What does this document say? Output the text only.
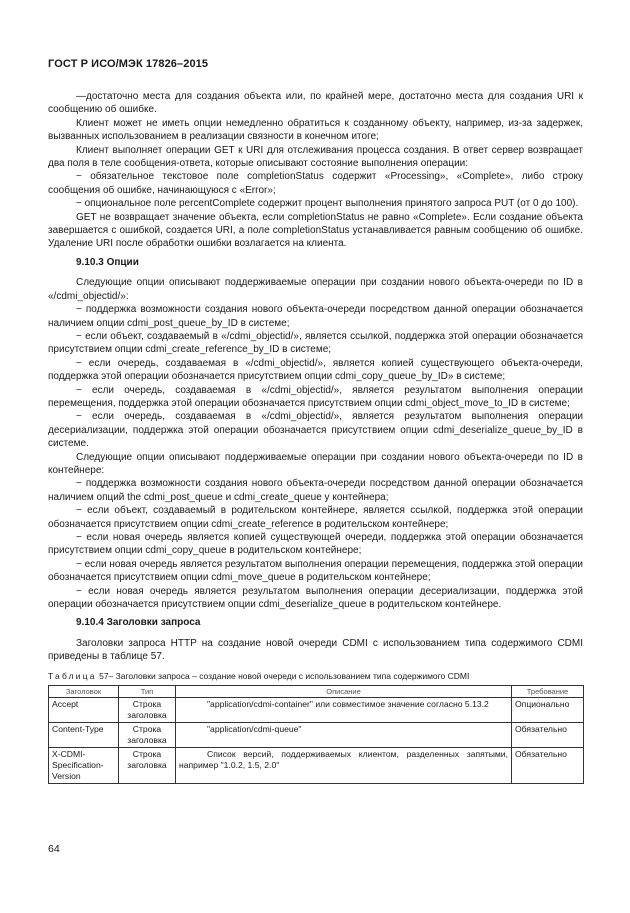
ГОСТ Р ИСО/МЭК 17826–2015

—достаточно места для создания объекта или, по крайней мере, достаточно места для создания URI к сообщению об ошибке.

Клиент может не иметь опции немедленно обратиться к созданному объекту, например, из-за задержек, вызванных использованием в реализации связности в конечном итоге;

Клиент выполняет операции GET к URI для отслеживания процесса создания. В ответ сервер возвращает два поля в теле сообщения-ответа, которые описывают состояние выполнения операции:

− обязательное текстовое поле completionStatus содержит «Processing», «Complete», либо строку сообщения об ошибке, начинающуюся с «Error»;

− опциональное поле percentComplete содержит процент выполнения принятого запроса PUT (от 0 до 100).

GET не возвращает значение объекта, если completionStatus не равно «Complete». Если создание объекта завершается с ошибкой, создается URI, а поле completionStatus устанавливается равным сообщению об ошибке. Удаление URI после обработки ошибки возлагается на клиента.

9.10.3 Опции

Следующие опции описывают поддерживаемые операции при создании нового объекта-очереди по ID в «/cdmi_objectid/»:

− поддержка возможности создания нового объекта-очереди посредством данной операции обозначается наличием опции cdmi_post_queue_by_ID в системе;

− если объект, создаваемый в «/cdmi_objectid/», является ссылкой, поддержка этой операции обозначается присутствием опции cdmi_create_reference_by_ID в системе;

− если очередь, создаваемая в «/cdmi_objectid/», является копией существующего объекта-очереди, поддержка этой операции обозначается присутствием опции cdmi_copy_queue_by_ID» в системе;

− если очередь, создаваемая в «/cdmi_objectid/», является результатом выполнения операции перемещения, поддержка этой операции обозначается присутствием опции cdmi_object_move_to_ID в системе;

− если очередь, создаваемая в «/cdmi_objectid/», является результатом выполнения операции десериализации, поддержка этой операции обозначается присутствием опции cdmi_deserialize_queue_by_ID в системе.

Следующие опции описывают поддерживаемые операции при создании нового объекта-очереди по ID в контейнере:

− поддержка возможности создания нового объекта-очереди посредством данной операции обозначается наличием опций the cdmi_post_queue и cdmi_create_queue у контейнера;

− если объект, создаваемый в родительском контейнере, является ссылкой, поддержка этой операции обозначается присутствием опции cdmi_create_reference в родительском контейнере;

− если новая очередь является копией существующей очереди, поддержка этой операции обозначается присутствием опции cdmi_copy_queue в родительском контейнере;

− если новая очередь является результатом выполнения операции перемещения, поддержка этой операции обозначается присутствием опции cdmi_move_queue в родительском контейнере;

− если новая очередь является результатом выполнения операции десериализации, поддержка этой операции обозначается присутствием опции cdmi_deserialize_queue в родительском контейнере.

9.10.4 Заголовки запроса

Заголовки запроса HTTP на создание новой очереди CDMI с использованием типа содержимого CDMI приведены в таблице 57.

Таблица 57– Заголовки запроса – создание новой очереди с использованием типа содержимого CDMI
Заголовок	Тип	Описание	Требование
Accept	Строка заголовка	"application/cdmi-container" или совместимое значение согласно 5.13.2	Опционально
Content-Type	Строка заголовка	"application/cdmi-queue"	Обязательно
X-CDMI-Specification-Version	Строка заголовка	Список версий, поддерживаемых клиентом, разделенных запятыми, например "1.0.2, 1.5, 2.0"	Обязательно
64
